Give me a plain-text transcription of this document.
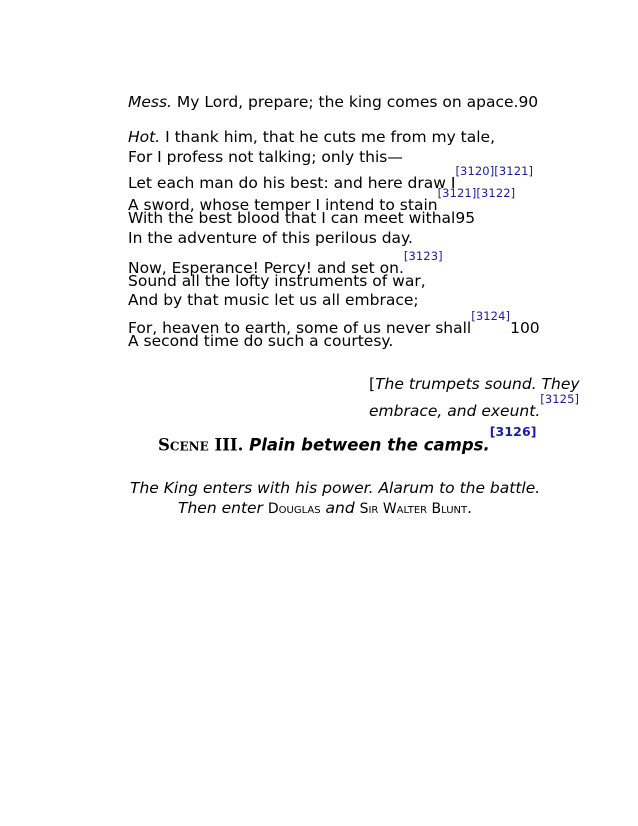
Mess. My Lord, prepare; the king comes on apace.90
Hot. I thank him, that he cuts me from my tale,
For I profess not talking; only this—
Let each man do his best: and here draw I[3120][3121]
A sword, whose temper I intend to stain[3121][3122]
With the best blood that I can meet withal95
In the adventure of this perilous day.
Now, Esperance! Percy! and set on.[3123]
Sound all the lofty instruments of war,
And by that music let us all embrace;
For, heaven to earth, some of us never shall[3124]100
A second time do such a courtesy.
[The trumpets sound. They
embrace, and exeunt.[3125]
Scene III. Plain between the camps.[3126]
The King enters with his power. Alarum to the battle.
Then enter Douglas and Sir Walter Blunt.
